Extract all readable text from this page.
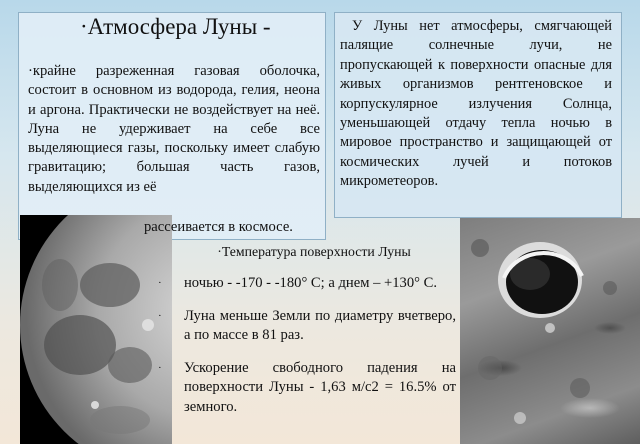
·Атмосфера Луны -
·крайне разреженная газовая оболочка, состоит в основном из водорода, гелия, неона и аргона. Практически не воздействует на неё. Луна не удерживает на себе все выделяющиеся газы, поскольку имеет слабую гравитацию; большая часть газов, выделяющихся из её
У Луны нет атмосферы, смягчающей палящие солнечные лучи, не пропускающей к поверхности опасные для живых организмов рентгеновское и корпускулярное излучения Солнца, уменьшающей отдачу тепла ночью в мировое пространство и защищающей от космических лучей и потоков микрометеоров.
рассеивается в космосе.
·Температура поверхности Луны
· ночью - -170 - -180° С; а днем – +130° С.
· Луна меньше Земли по диаметру вчетверо, а по массе в 81 раз.
· Ускорение свободного падения на поверхности Луны - 1,63 м/с2 = 16.5% от земного.
